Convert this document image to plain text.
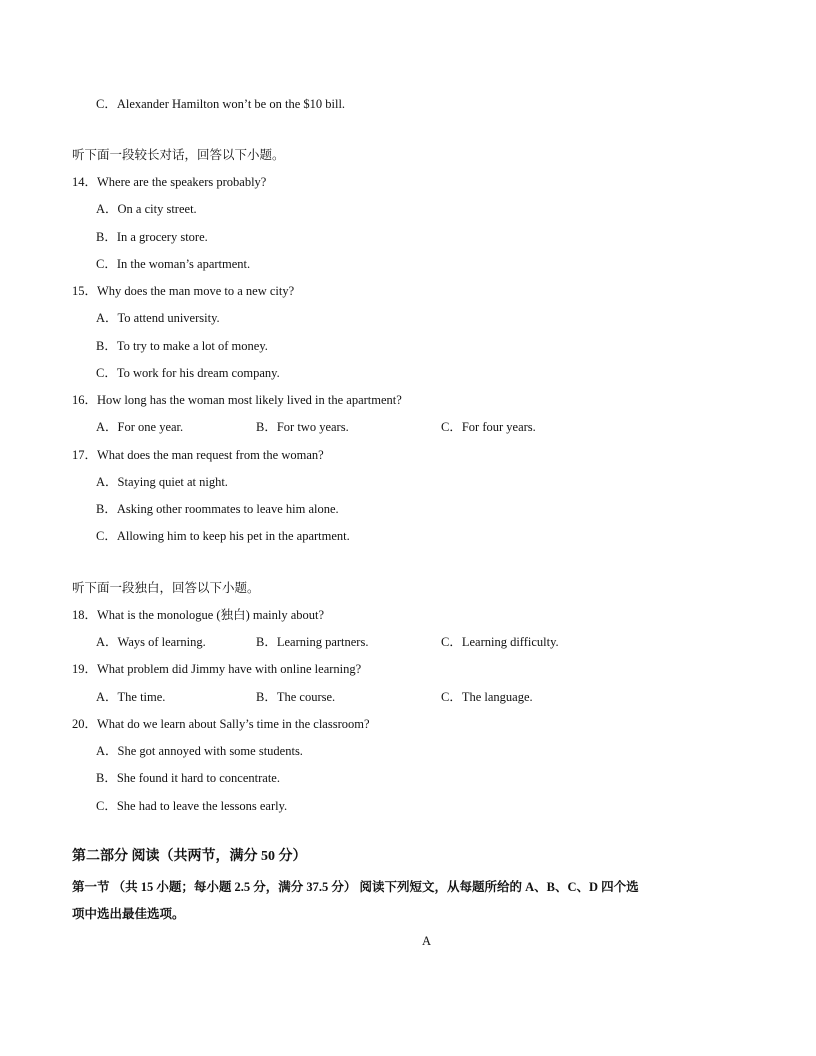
C．Alexander Hamilton won’t be on the $10 bill.
听下面一段较长对话，回答以下小题。
14．Where are the speakers probably?
A．On a city street.
B．In a grocery store.
C．In the woman’s apartment.
15．Why does the man move to a new city?
A．To attend university.
B．To try to make a lot of money.
C．To work for his dream company.
16．How long has the woman most likely lived in the apartment?
A．For one year.	B．For two years.	C．For four years.
17．What does the man request from the woman?
A．Staying quiet at night.
B．Asking other roommates to leave him alone.
C．Allowing him to keep his pet in the apartment.
听下面一段独白，回答以下小题。
18．What is the monologue (独白) mainly about?
A．Ways of learning.	B．Learning partners.	C．Learning difficulty.
19．What problem did Jimmy have with online learning?
A．The time.	B．The course.	C．The language.
20．What do we learn about Sally’s time in the classroom?
A．She got annoyed with some students.
B．She found it hard to concentrate.
C．She had to leave the lessons early.
第二部分 阅读（共两节，满分 50 分）
第一节 （共 15 小题；每小题 2.5 分，满分 37.5 分） 阅读下列短文，从每题所给的 A、B、C、D 四个选
项中选出最佳选项。
A
